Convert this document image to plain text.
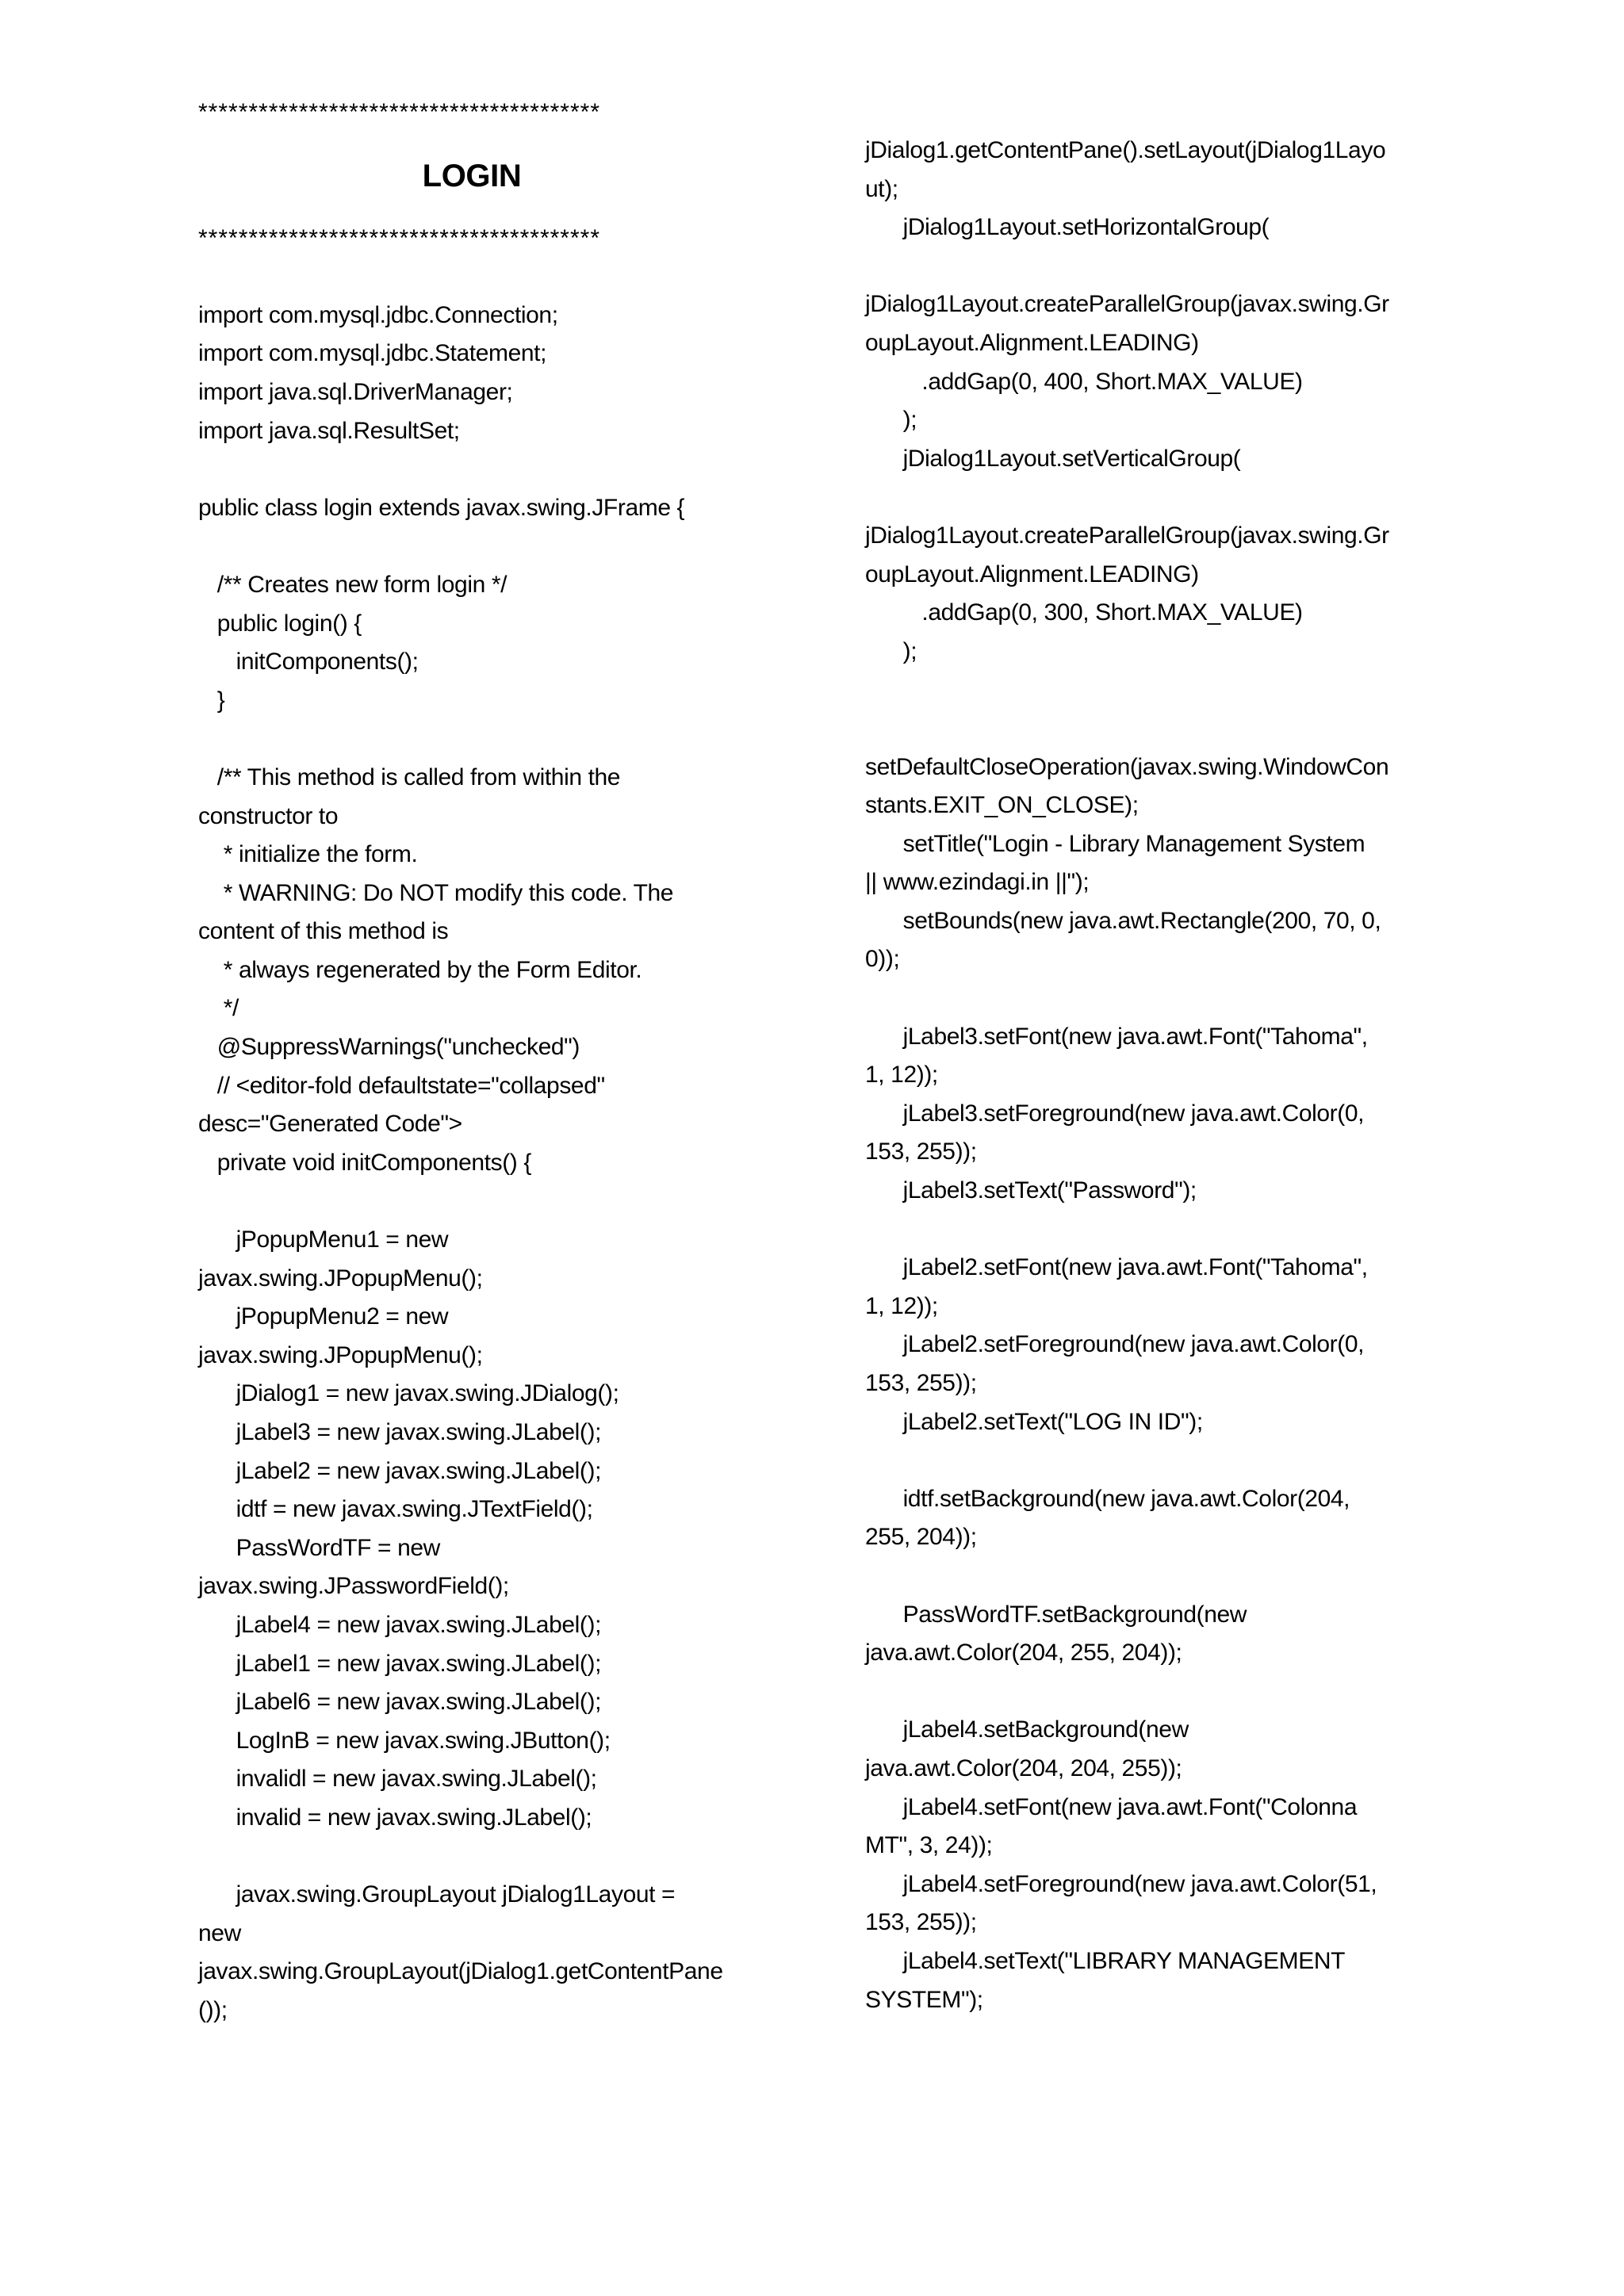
****************************************
LOGIN
****************************************
import com.mysql.jdbc.Connection;
import com.mysql.jdbc.Statement;
import java.sql.DriverManager;
import java.sql.ResultSet;
public class login extends javax.swing.JFrame {
/** Creates new form login */
public login() {
initComponents();
}
/** This method is called from within the
constructor to
* initialize the form.
* WARNING: Do NOT modify this code. The
content of this method is
* always regenerated by the Form Editor.
*/
@SuppressWarnings("unchecked")
// <editor-fold defaultstate="collapsed"
desc="Generated Code">
private void initComponents() {
jPopupMenu1 = new
javax.swing.JPopupMenu();
jPopupMenu2 = new
javax.swing.JPopupMenu();
jDialog1 = new javax.swing.JDialog();
jLabel3 = new javax.swing.JLabel();
jLabel2 = new javax.swing.JLabel();
idtf = new javax.swing.JTextField();
PassWordTF = new
javax.swing.JPasswordField();
jLabel4 = new javax.swing.JLabel();
jLabel1 = new javax.swing.JLabel();
jLabel6 = new javax.swing.JLabel();
LogInB = new javax.swing.JButton();
invalidl = new javax.swing.JLabel();
invalid = new javax.swing.JLabel();
javax.swing.GroupLayout jDialog1Layout =
new
javax.swing.GroupLayout(jDialog1.getContentPane
());
jDialog1.getContentPane().setLayout(jDialog1Layo
ut);
jDialog1Layout.setHorizontalGroup(
jDialog1Layout.createParallelGroup(javax.swing.Gr
oupLayout.Alignment.LEADING)
.addGap(0, 400, Short.MAX_VALUE)
);
jDialog1Layout.setVerticalGroup(
jDialog1Layout.createParallelGroup(javax.swing.Gr
oupLayout.Alignment.LEADING)
.addGap(0, 300, Short.MAX_VALUE)
);
setDefaultCloseOperation(javax.swing.WindowCon
stants.EXIT_ON_CLOSE);
setTitle("Login - Library Management System
|| www.ezindagi.in ||");
setBounds(new java.awt.Rectangle(200, 70, 0,
0));
jLabel3.setFont(new java.awt.Font("Tahoma",
1, 12));
jLabel3.setForeground(new java.awt.Color(0,
153, 255));
jLabel3.setText("Password");
jLabel2.setFont(new java.awt.Font("Tahoma",
1, 12));
jLabel2.setForeground(new java.awt.Color(0,
153, 255));
jLabel2.setText("LOG IN ID");
idtf.setBackground(new java.awt.Color(204,
255, 204));
PassWordTF.setBackground(new
java.awt.Color(204, 255, 204));
jLabel4.setBackground(new
java.awt.Color(204, 204, 255));
jLabel4.setFont(new java.awt.Font("Colonna
MT", 3, 24));
jLabel4.setForeground(new java.awt.Color(51,
153, 255));
jLabel4.setText("LIBRARY MANAGEMENT
SYSTEM");
